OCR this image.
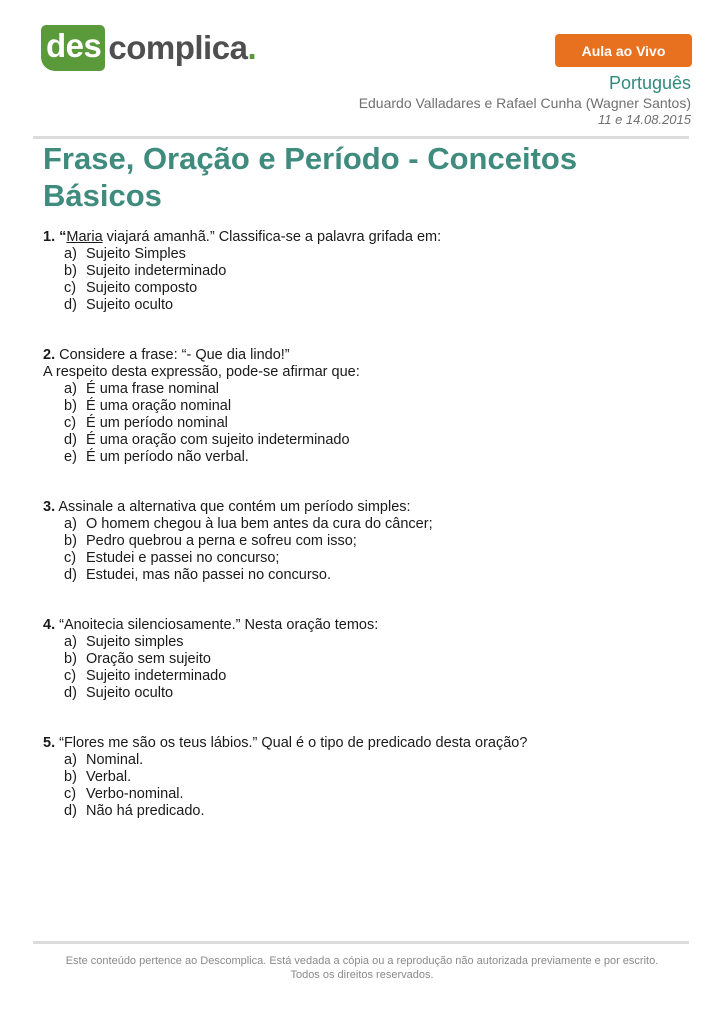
des complica .	Aula ao Vivo
Português
Eduardo Valladares e Rafael Cunha (Wagner Santos)
11 e 14.08.2015
Frase, Oração e Período - Conceitos Básicos
1. “Maria viajará amanhã.” Classifica-se a palavra grifada em:
a) Sujeito Simples
b) Sujeito indeterminado
c) Sujeito composto
d) Sujeito oculto
2. Considere a frase: “- Que dia lindo!”
A respeito desta expressão, pode-se afirmar que:
a) É uma frase nominal
b) É uma oração nominal
c) É um período nominal
d) É uma oração com sujeito indeterminado
e) É um período não verbal.
3. Assinale a alternativa que contém um período simples:
a) O homem chegou à lua bem antes da cura do câncer;
b) Pedro quebrou a perna e sofreu com isso;
c) Estudei e passei no concurso;
d) Estudei, mas não passei no concurso.
4. “Anoitecia silenciosamente.” Nesta oração temos:
a) Sujeito simples
b) Oração sem sujeito
c) Sujeito indeterminado
d) Sujeito oculto
5. “Flores me são os teus lábios.” Qual é o tipo de predicado desta oração?
a) Nominal.
b) Verbal.
c) Verbo-nominal.
d) Não há predicado.
Este conteúdo pertence ao Descomplica. Está vedada a cópia ou a reprodução não autorizada previamente e por escrito.
Todos os direitos reservados.
